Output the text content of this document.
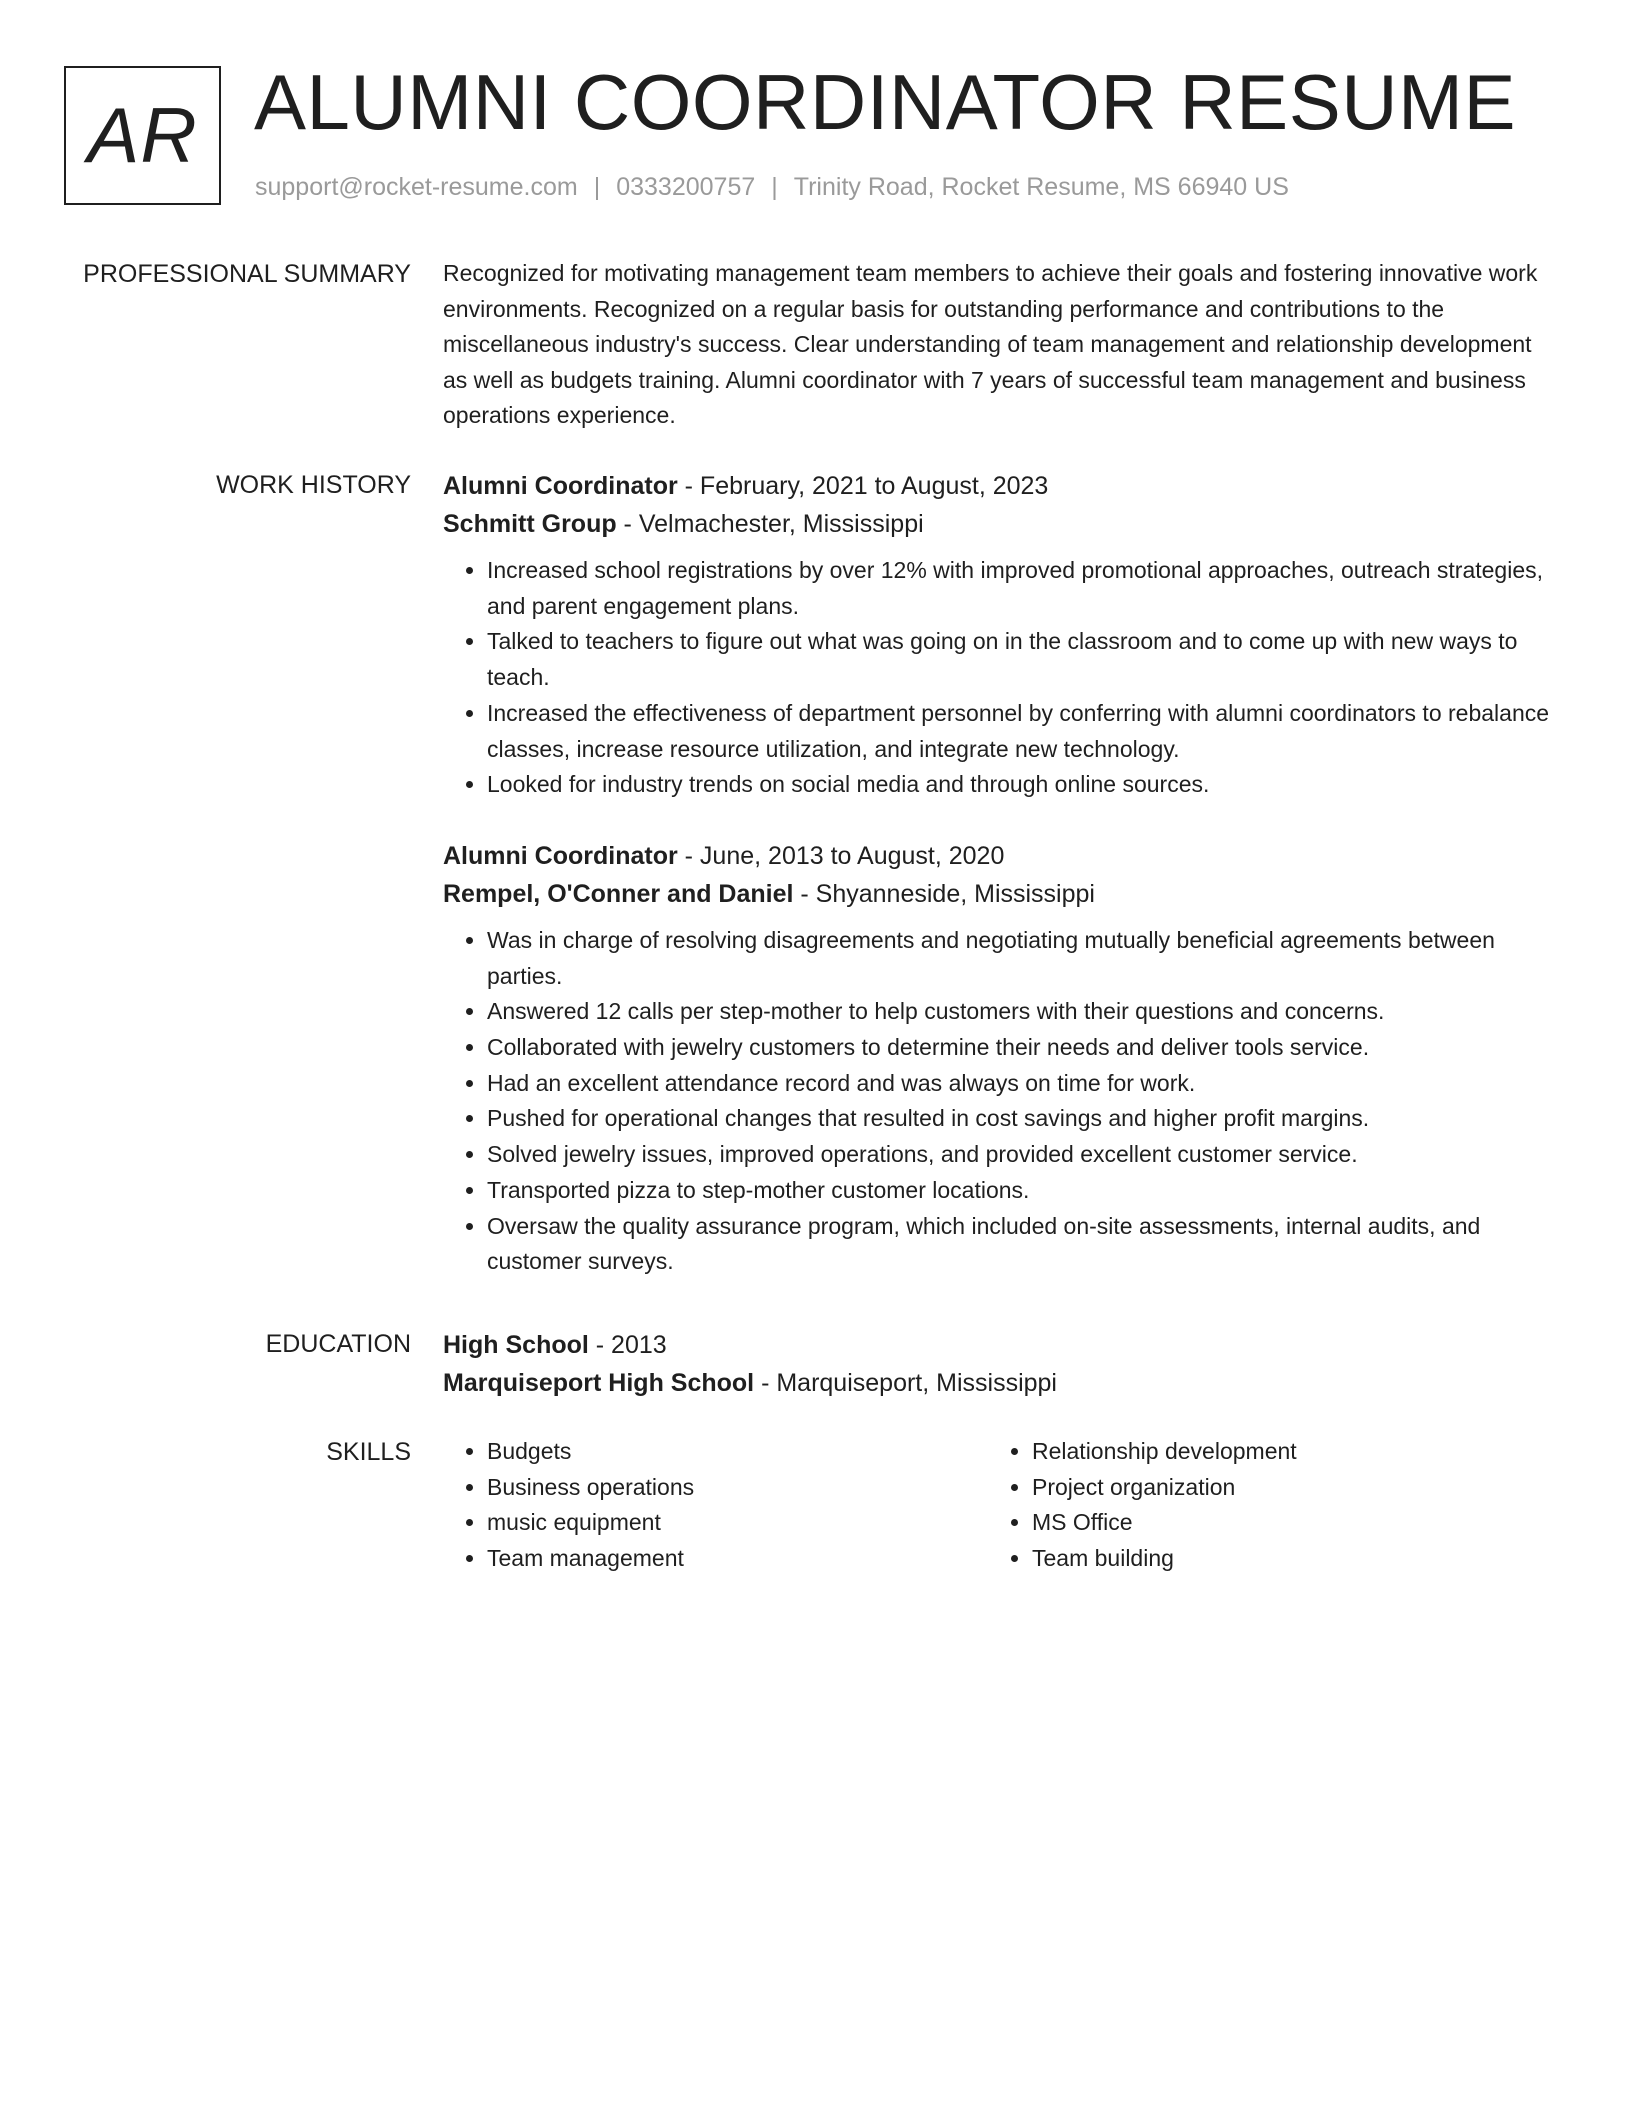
AR ALUMNI COORDINATOR RESUME
support@rocket-resume.com | 0333200757 | Trinity Road, Rocket Resume, MS 66940 US
PROFESSIONAL SUMMARY Recognized for motivating management team members to achieve their goals and fostering innovative work environments. Recognized on a regular basis for outstanding performance and contributions to the miscellaneous industry's success. Clear understanding of team management and relationship development as well as budgets training. Alumni coordinator with 7 years of successful team management and business operations experience.

WORK HISTORY Alumni Coordinator - February, 2021 to August, 2023

Schmitt Group - Velmachester, Mississippi

• Increased school registrations by over 12% with improved promotional approaches, outreach strategies, and parent engagement plans.
• Talked to teachers to figure out what was going on in the classroom and to come up with new ways to teach.
• Increased the effectiveness of department personnel by conferring with alumni coordinators to rebalance classes, increase resource utilization, and integrate new technology.
• Looked for industry trends on social media and through online sources.

Alumni Coordinator - June, 2013 to August, 2020

Rempel, O'Conner and Daniel - Shyanneside, Mississippi

• Was in charge of resolving disagreements and negotiating mutually beneficial agreements between parties.
• Answered 12 calls per step-mother to help customers with their questions and concerns.
• Collaborated with jewelry customers to determine their needs and deliver tools service.
• Had an excellent attendance record and was always on time for work.
• Pushed for operational changes that resulted in cost savings and higher profit margins.
• Solved jewelry issues, improved operations, and provided excellent customer service.
• Transported pizza to step-mother customer locations.
• Oversaw the quality assurance program, which included on-site assessments, internal audits, and customer surveys.
EDUCATION High School - 2013

Marquiseport High School - Marquiseport, Mississippi

SKILLS
•	Budgets
• Business operations
• music equipment
• Team management
• Relationship development
• Project organization
• MS Office
• Team building
